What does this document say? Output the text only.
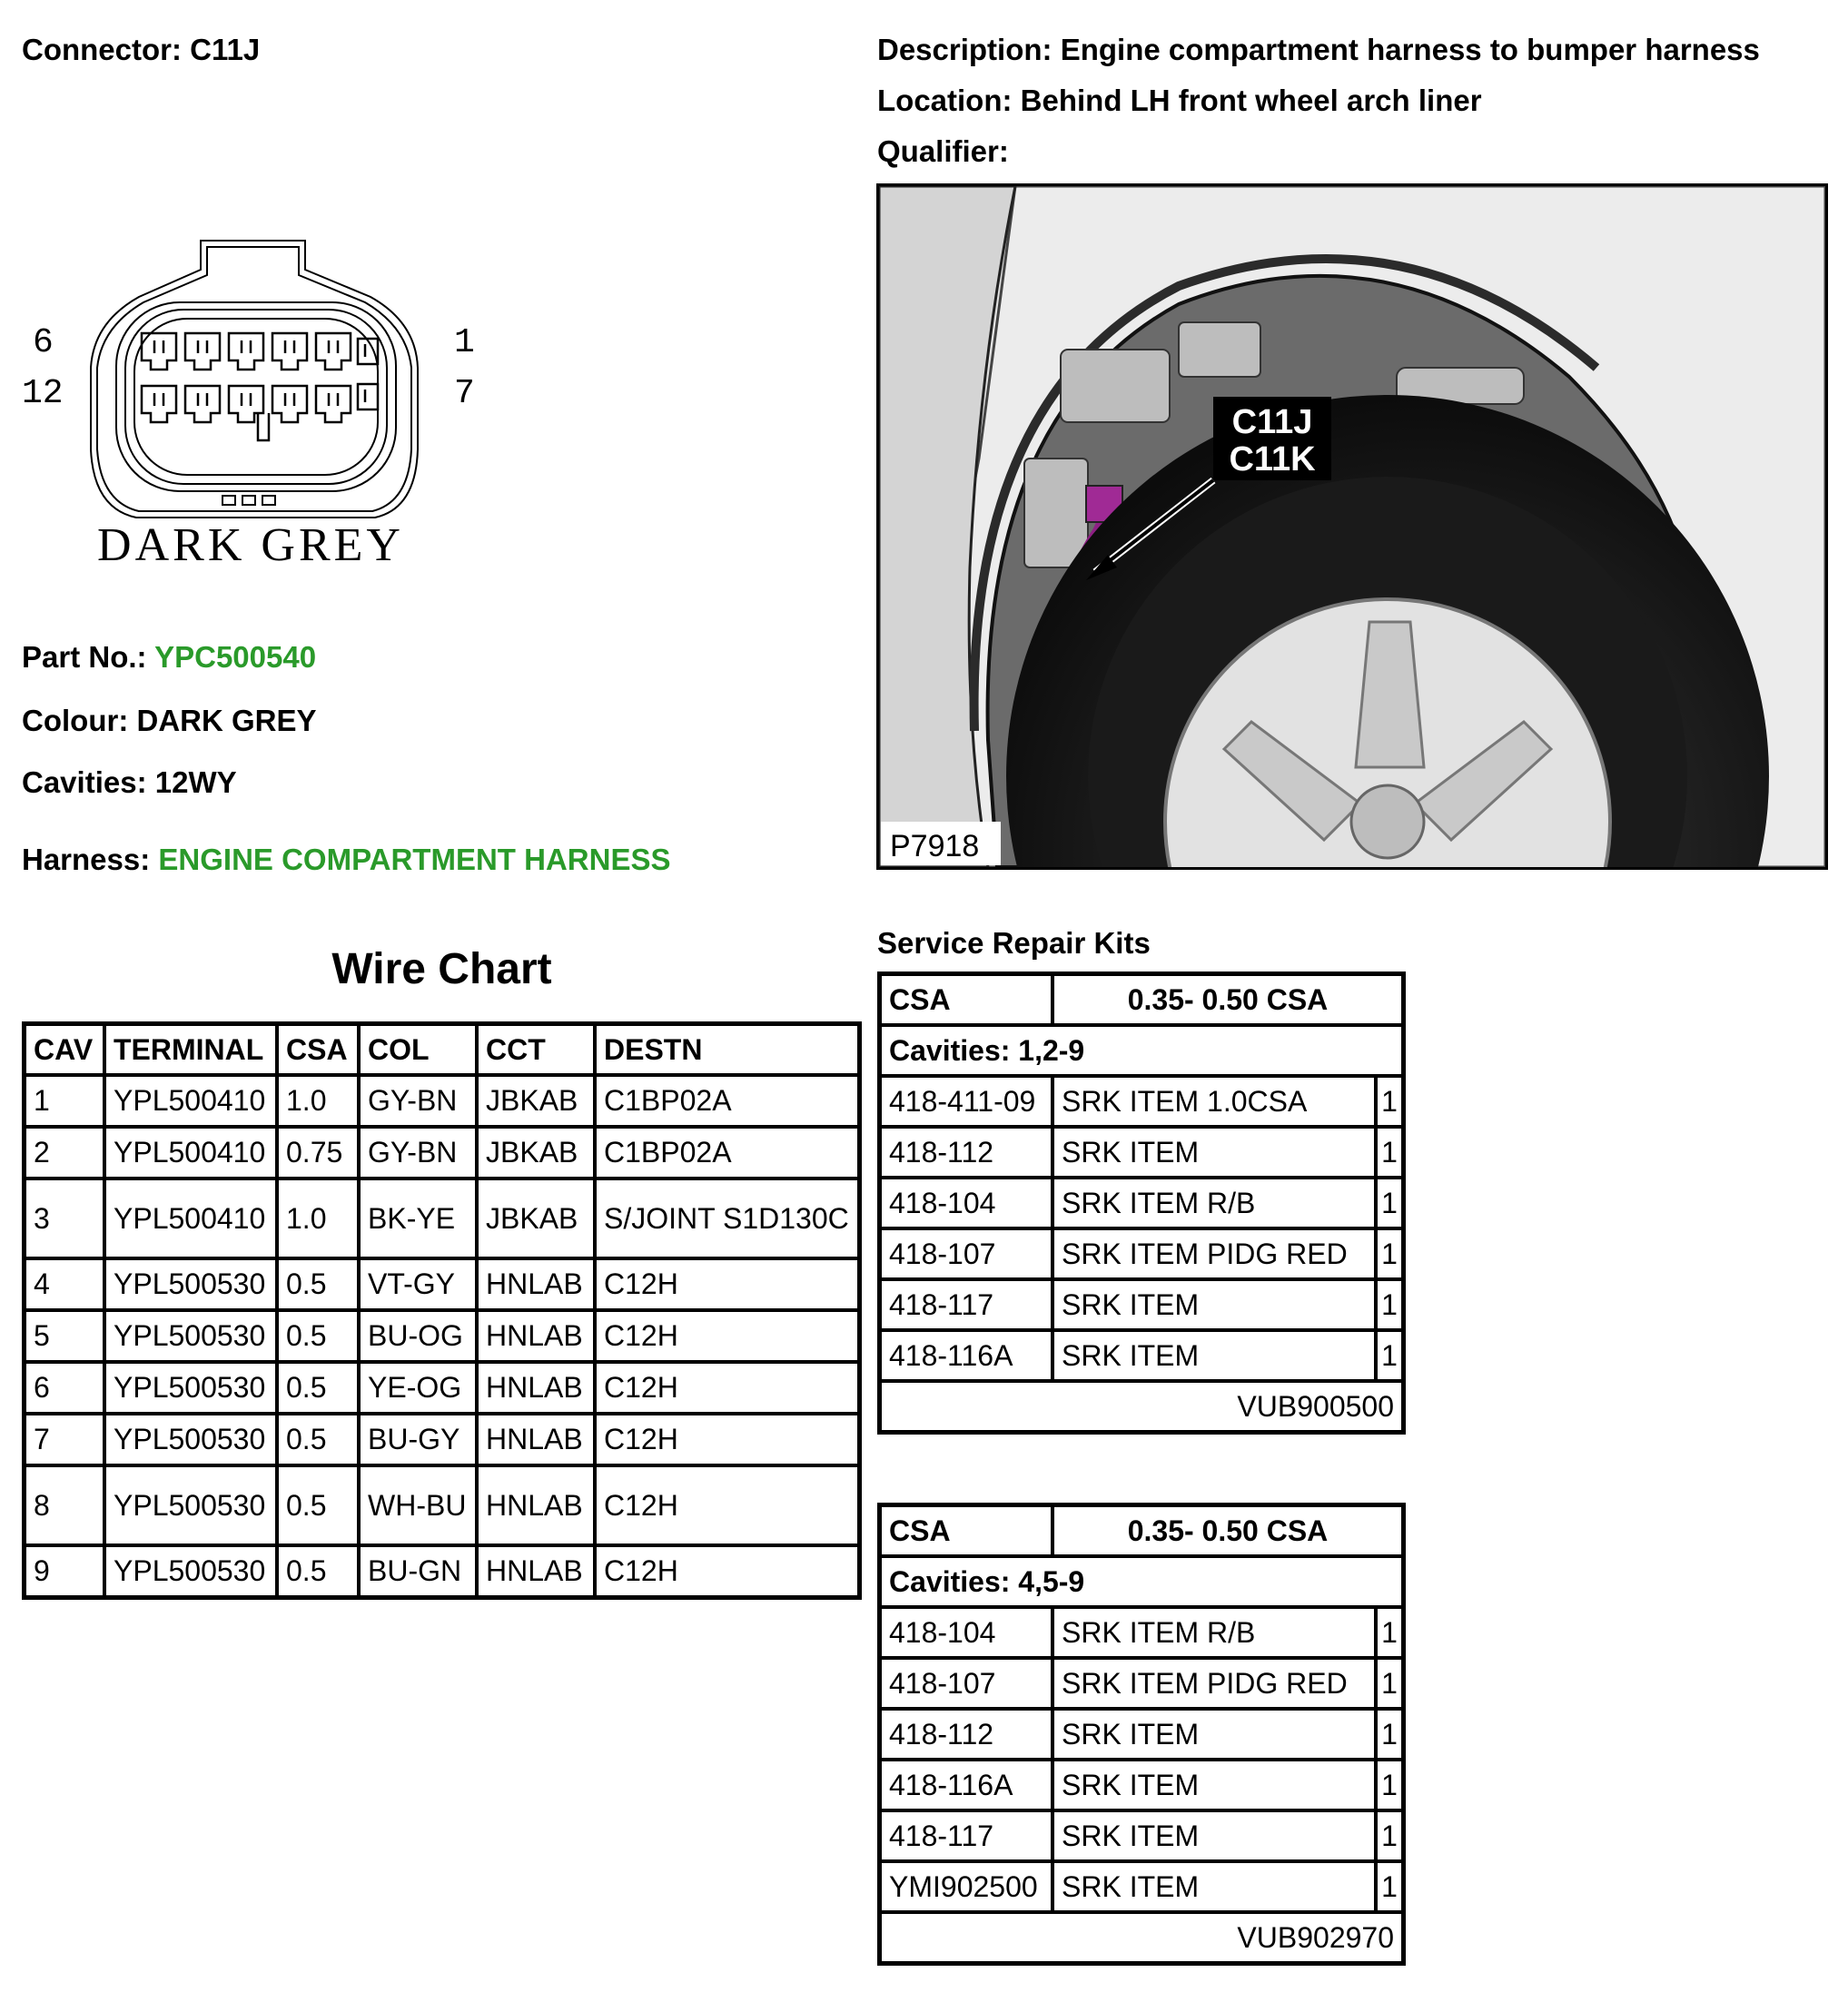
Connector: C11J	Description: Engine compartment harness to bumper harness
Location: Behind LH front wheel arch liner
Qualifier:
6
12
1
7
DARK GREY
C11J
C11K
P7918
Part No.: YPC500540
Colour: DARK GREY
Cavities: 12WY
Harness: ENGINE COMPARTMENT HARNESS
Wire Chart
CAV	TERMINAL	CSA	COL	CCT	DESTN
1	YPL500410	1.0	GY-BN	JBKAB	C1BP02A
2	YPL500410	0.75	GY-BN	JBKAB	C1BP02A
3	YPL500410	1.0	BK-YE	JBKAB	S/JOINT S1D130C
4	YPL500530	0.5	VT-GY	HNLAB	C12H
5	YPL500530	0.5	BU-OG	HNLAB	C12H
6	YPL500530	0.5	YE-OG	HNLAB	C12H
7	YPL500530	0.5	BU-GY	HNLAB	C12H
8	YPL500530	0.5	WH-BU	HNLAB	C12H
9	YPL500530	0.5	BU-GN	HNLAB	C12H
Service Repair Kits
CSA	0.35- 0.50 CSA	
Cavities: 1,2-9		
418-411-09	SRK ITEM 1.0CSA	1
418-112	SRK ITEM	1
418-104	SRK ITEM R/B	1
418-107	SRK ITEM PIDG RED	1
418-117	SRK ITEM	1
418-116A	SRK ITEM	1
VUB900500		
CSA	0.35- 0.50 CSA	
Cavities: 4,5-9		
418-104	SRK ITEM R/B	1
418-107	SRK ITEM PIDG RED	1
418-112	SRK ITEM	1
418-116A	SRK ITEM	1
418-117	SRK ITEM	1
YMI902500	SRK ITEM	1
VUB902970		
